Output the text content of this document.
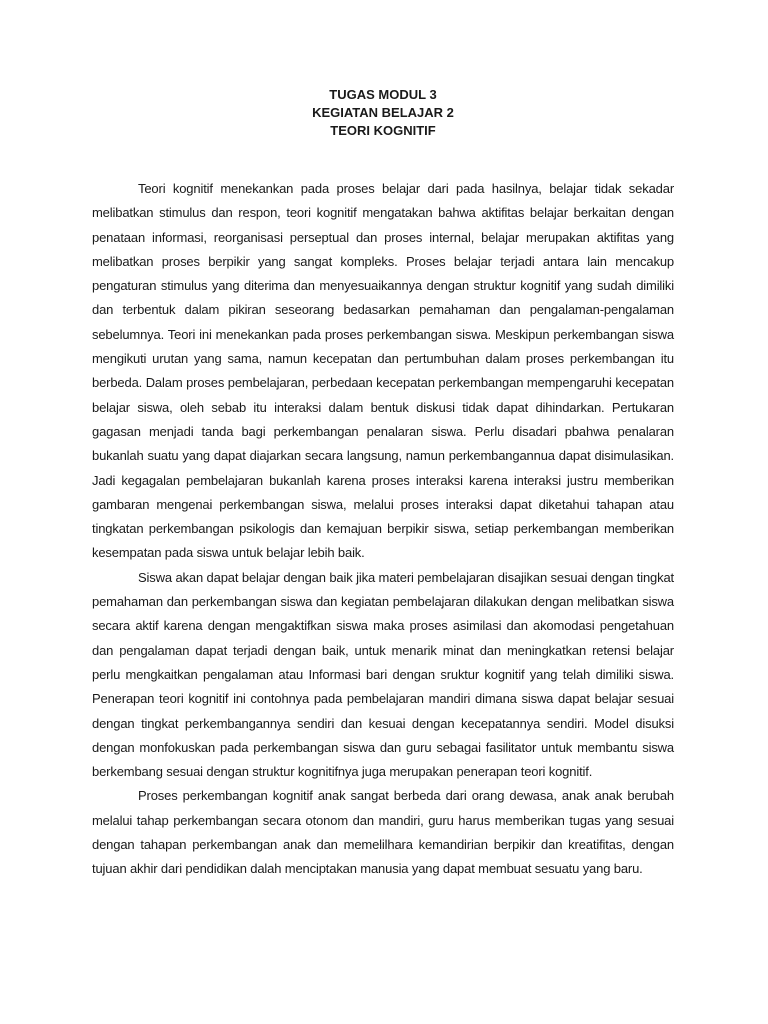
TUGAS MODUL 3
KEGIATAN BELAJAR 2
TEORI KOGNITIF

Teori kognitif menekankan pada proses belajar dari pada hasilnya, belajar tidak sekadar melibatkan stimulus dan respon, teori kognitif mengatakan bahwa aktifitas belajar berkaitan dengan penataan informasi, reorganisasi perseptual dan proses internal, belajar merupakan aktifitas yang melibatkan proses berpikir yang sangat kompleks. Proses belajar terjadi antara lain mencakup pengaturan stimulus yang diterima dan menyesuaikannya dengan struktur kognitif yang sudah dimiliki dan terbentuk dalam pikiran seseorang bedasarkan pemahaman dan pengalaman-pengalaman sebelumnya. Teori ini menekankan pada proses perkembangan siswa. Meskipun perkembangan siswa mengikuti urutan yang sama, namun kecepatan dan pertumbuhan dalam proses perkembangan itu berbeda. Dalam proses pembelajaran, perbedaan kecepatan perkembangan mempengaruhi kecepatan belajar siswa, oleh sebab itu interaksi dalam bentuk diskusi tidak dapat dihindarkan. Pertukaran gagasan menjadi tanda bagi perkembangan penalaran siswa. Perlu disadari pbahwa penalaran bukanlah suatu yang dapat diajarkan secara langsung, namun perkembangannua dapat disimulasikan. Jadi kegagalan pembelajaran bukanlah karena proses interaksi karena interaksi justru memberikan gambaran mengenai perkembangan siswa, melalui proses interaksi dapat diketahui tahapan atau tingkatan perkembangan psikologis dan kemajuan berpikir siswa, setiap perkembangan memberikan kesempatan pada siswa untuk belajar lebih baik.

Siswa akan dapat belajar dengan baik jika materi pembelajaran disajikan sesuai dengan tingkat pemahaman dan perkembangan siswa dan kegiatan pembelajaran dilakukan dengan melibatkan siswa secara aktif karena dengan mengaktifkan siswa maka proses asimilasi dan akomodasi pengetahuan dan pengalaman dapat terjadi dengan baik, untuk menarik minat dan meningkatkan retensi belajar perlu mengkaitkan pengalaman atau Informasi bari dengan sruktur kognitif yang telah dimiliki siswa. Penerapan teori kognitif ini contohnya pada pembelajaran mandiri dimana siswa dapat belajar sesuai dengan tingkat perkembangannya sendiri dan kesuai dengan kecepatannya sendiri. Model disuksi dengan monfokuskan pada perkembangan siswa dan guru sebagai fasilitator untuk membantu siswa berkembang sesuai dengan struktur kognitifnya juga merupakan penerapan teori kognitif.

Proses perkembangan kognitif anak sangat berbeda dari orang dewasa, anak anak berubah melalui tahap perkembangan secara otonom dan mandiri, guru harus memberikan tugas yang sesuai dengan tahapan perkembangan anak dan memelilhara kemandirian berpikir dan kreatifitas, dengan tujuan akhir dari pendidikan dalah menciptakan manusia yang dapat membuat sesuatu yang baru.
